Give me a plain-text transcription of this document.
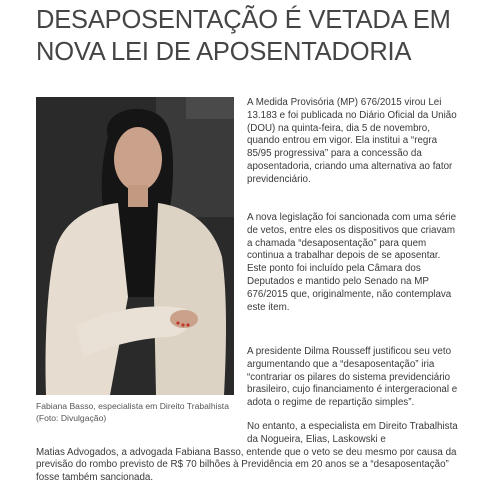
DESAPOSENTAÇÃO É VETADA EM NOVA LEI DE APOSENTADORIA
Fabiana Basso, especialista em Direito Trabalhista (Foto: Divulgação)

A Medida Provisória (MP) 676/2015 virou Lei 13.183 e foi publicada no Diário Oficial da União (DOU) na quinta-feira, dia 5 de novembro, quando entrou em vigor. Ela institui a “regra 85/95 progressiva” para a concessão da aposentadoria, criando uma alternativa ao fator previdenciário.

A nova legislação foi sancionada com uma série de vetos, entre eles os dispositivos que criavam a chamada “desaposentação” para quem continua a trabalhar depois de se aposentar. Este ponto foi incluído pela Câmara dos Deputados e mantido pelo Senado na MP 676/2015 que, originalmente, não contemplava este item.

A presidente Dilma Rousseff justificou seu veto argumentando que a “desaposentação” iria “contrariar os pilares do sistema previdenciário brasileiro, cujo financiamento é intergeracional e adota o regime de repartição simples”.

No entanto, a especialista em Direito Trabalhista da Nogueira, Elias, Laskowski e
Matias Advogados, a advogada Fabiana Basso, entende que o veto se deu mesmo por causa da previsão do rombo previsto de R$ 70 bilhões à Previdência em 20 anos se a “desaposentação” fosse também sancionada.
